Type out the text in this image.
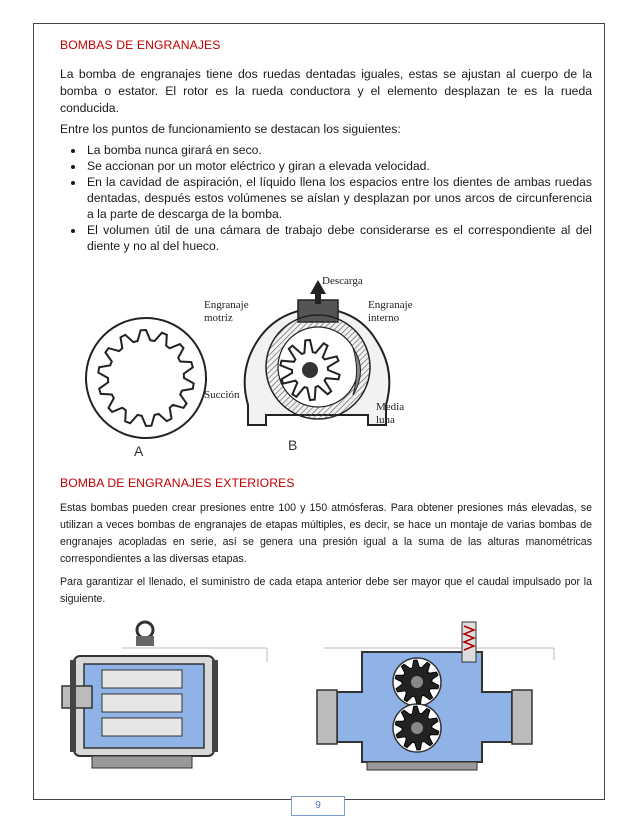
BOMBAS DE ENGRANAJES

La bomba de engranajes tiene dos ruedas dentadas iguales, estas se ajustan al cuerpo de la bomba o estator. El rotor es la rueda conductora y el elemento desplazan te es la rueda conducida.

Entre los puntos de funcionamiento se destacan los siguientes:

• La bomba nunca girará en seco.
• Se accionan por un motor eléctrico y giran a elevada velocidad.
• En la cavidad de aspiración, el líquido llena los espacios entre los dientes de ambas ruedas dentadas, después estos volúmenes se aíslan y desplazan por unos arcos de circunferencia a la parte de descarga de la bomba.
• El volumen útil de una cámara de trabajo debe considerarse es el correspondiente al del diente y no al del hueco.
A
Descarga
Engranaje
motriz
Engranaje
interno
Succión
Media
luna
B
BOMBA DE ENGRANAJES EXTERIORES

Estas bombas pueden crear presiones entre 100 y 150 atmósferas. Para obtener presiones más elevadas, se utilizan a veces bombas de engranajes de etapas múltiples, es decir, se hace un montaje de varias bombas de engranajes acopladas en serie, así se genera una presión igual a la suma de las alturas manométricas correspondientes a las diversas etapas.

Para garantizar el llenado, el suministro de cada etapa anterior debe ser mayor que el caudal impulsado por la siguiente.

9
